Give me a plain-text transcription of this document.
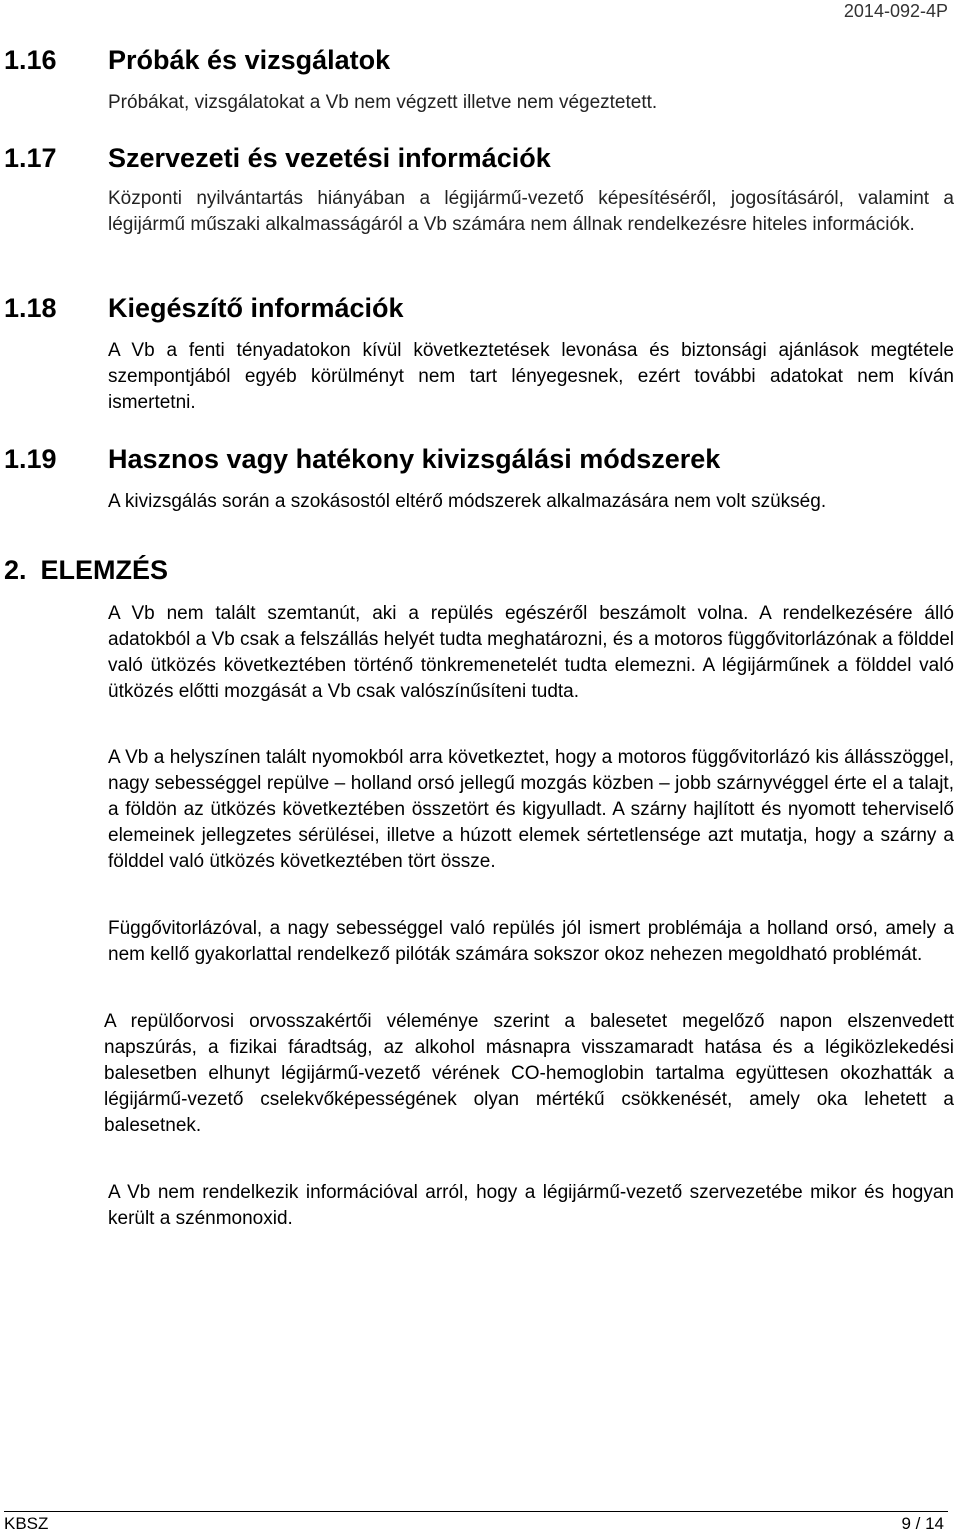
2014-092-4P
1.16 Próbák és vizsgálatok

Próbákat, vizsgálatokat a Vb nem végzett illetve nem végeztetett.

1.17 Szervezeti és vezetési információk

Központi nyilvántartás hiányában a légijármű-vezető képesítéséről, jogosításáról, valamint a légijármű műszaki alkalmasságáról a Vb számára nem állnak rendelkezésre hiteles információk.

1.18 Kiegészítő információk

A Vb a fenti tényadatokon kívül következtetések levonása és biztonsági ajánlások megtétele szempontjából egyéb körülményt nem tart lényegesnek, ezért további adatokat nem kíván ismertetni.

1.19 Hasznos vagy hatékony kivizsgálási módszerek

A kivizsgálás során a szokásostól eltérő módszerek alkalmazására nem volt szükség.

2. ELEMZÉS

A Vb nem talált szemtanút, aki a repülés egészéről beszámolt volna. A rendelkezésére álló adatokból a Vb csak a felszállás helyét tudta meghatározni, és a motoros függővitorlázónak a földdel való ütközés következtében történő tönkremenetelét tudta elemezni. A légijárműnek a földdel való ütközés előtti mozgását a Vb csak valószínűsíteni tudta.

A Vb a helyszínen talált nyomokból arra következtet, hogy a motoros függővitorlázó kis állásszöggel, nagy sebességgel repülve – holland orsó jellegű mozgás közben – jobb szárnyvéggel érte el a talajt, a földön az ütközés következtében összetört és kigyulladt. A szárny hajlított és nyomott teherviselő elemeinek jellegzetes sérülései, illetve a húzott elemek sértetlensége azt mutatja, hogy a szárny a földdel való ütközés következtében tört össze.

Függővitorlázóval, a nagy sebességgel való repülés jól ismert problémája a holland orsó, amely a nem kellő gyakorlattal rendelkező pilóták számára sokszor okoz nehezen megoldható problémát.

A repülőorvosi orvosszakértői véleménye szerint a balesetet megelőző napon elszenvedett napszúrás, a fizikai fáradtság, az alkohol másnapra visszamaradt hatása és a légiközlekedési balesetben elhunyt légijármű-vezető vérének CO-hemoglobin tartalma együttesen okozhatták a légijármű-vezető cselekvőképességének olyan mértékű csökkenését, amely oka lehetett a balesetnek.

A Vb nem rendelkezik információval arról, hogy a légijármű-vezető szervezetébe mikor és hogyan került a szénmonoxid.

KBSZ	9 / 14
